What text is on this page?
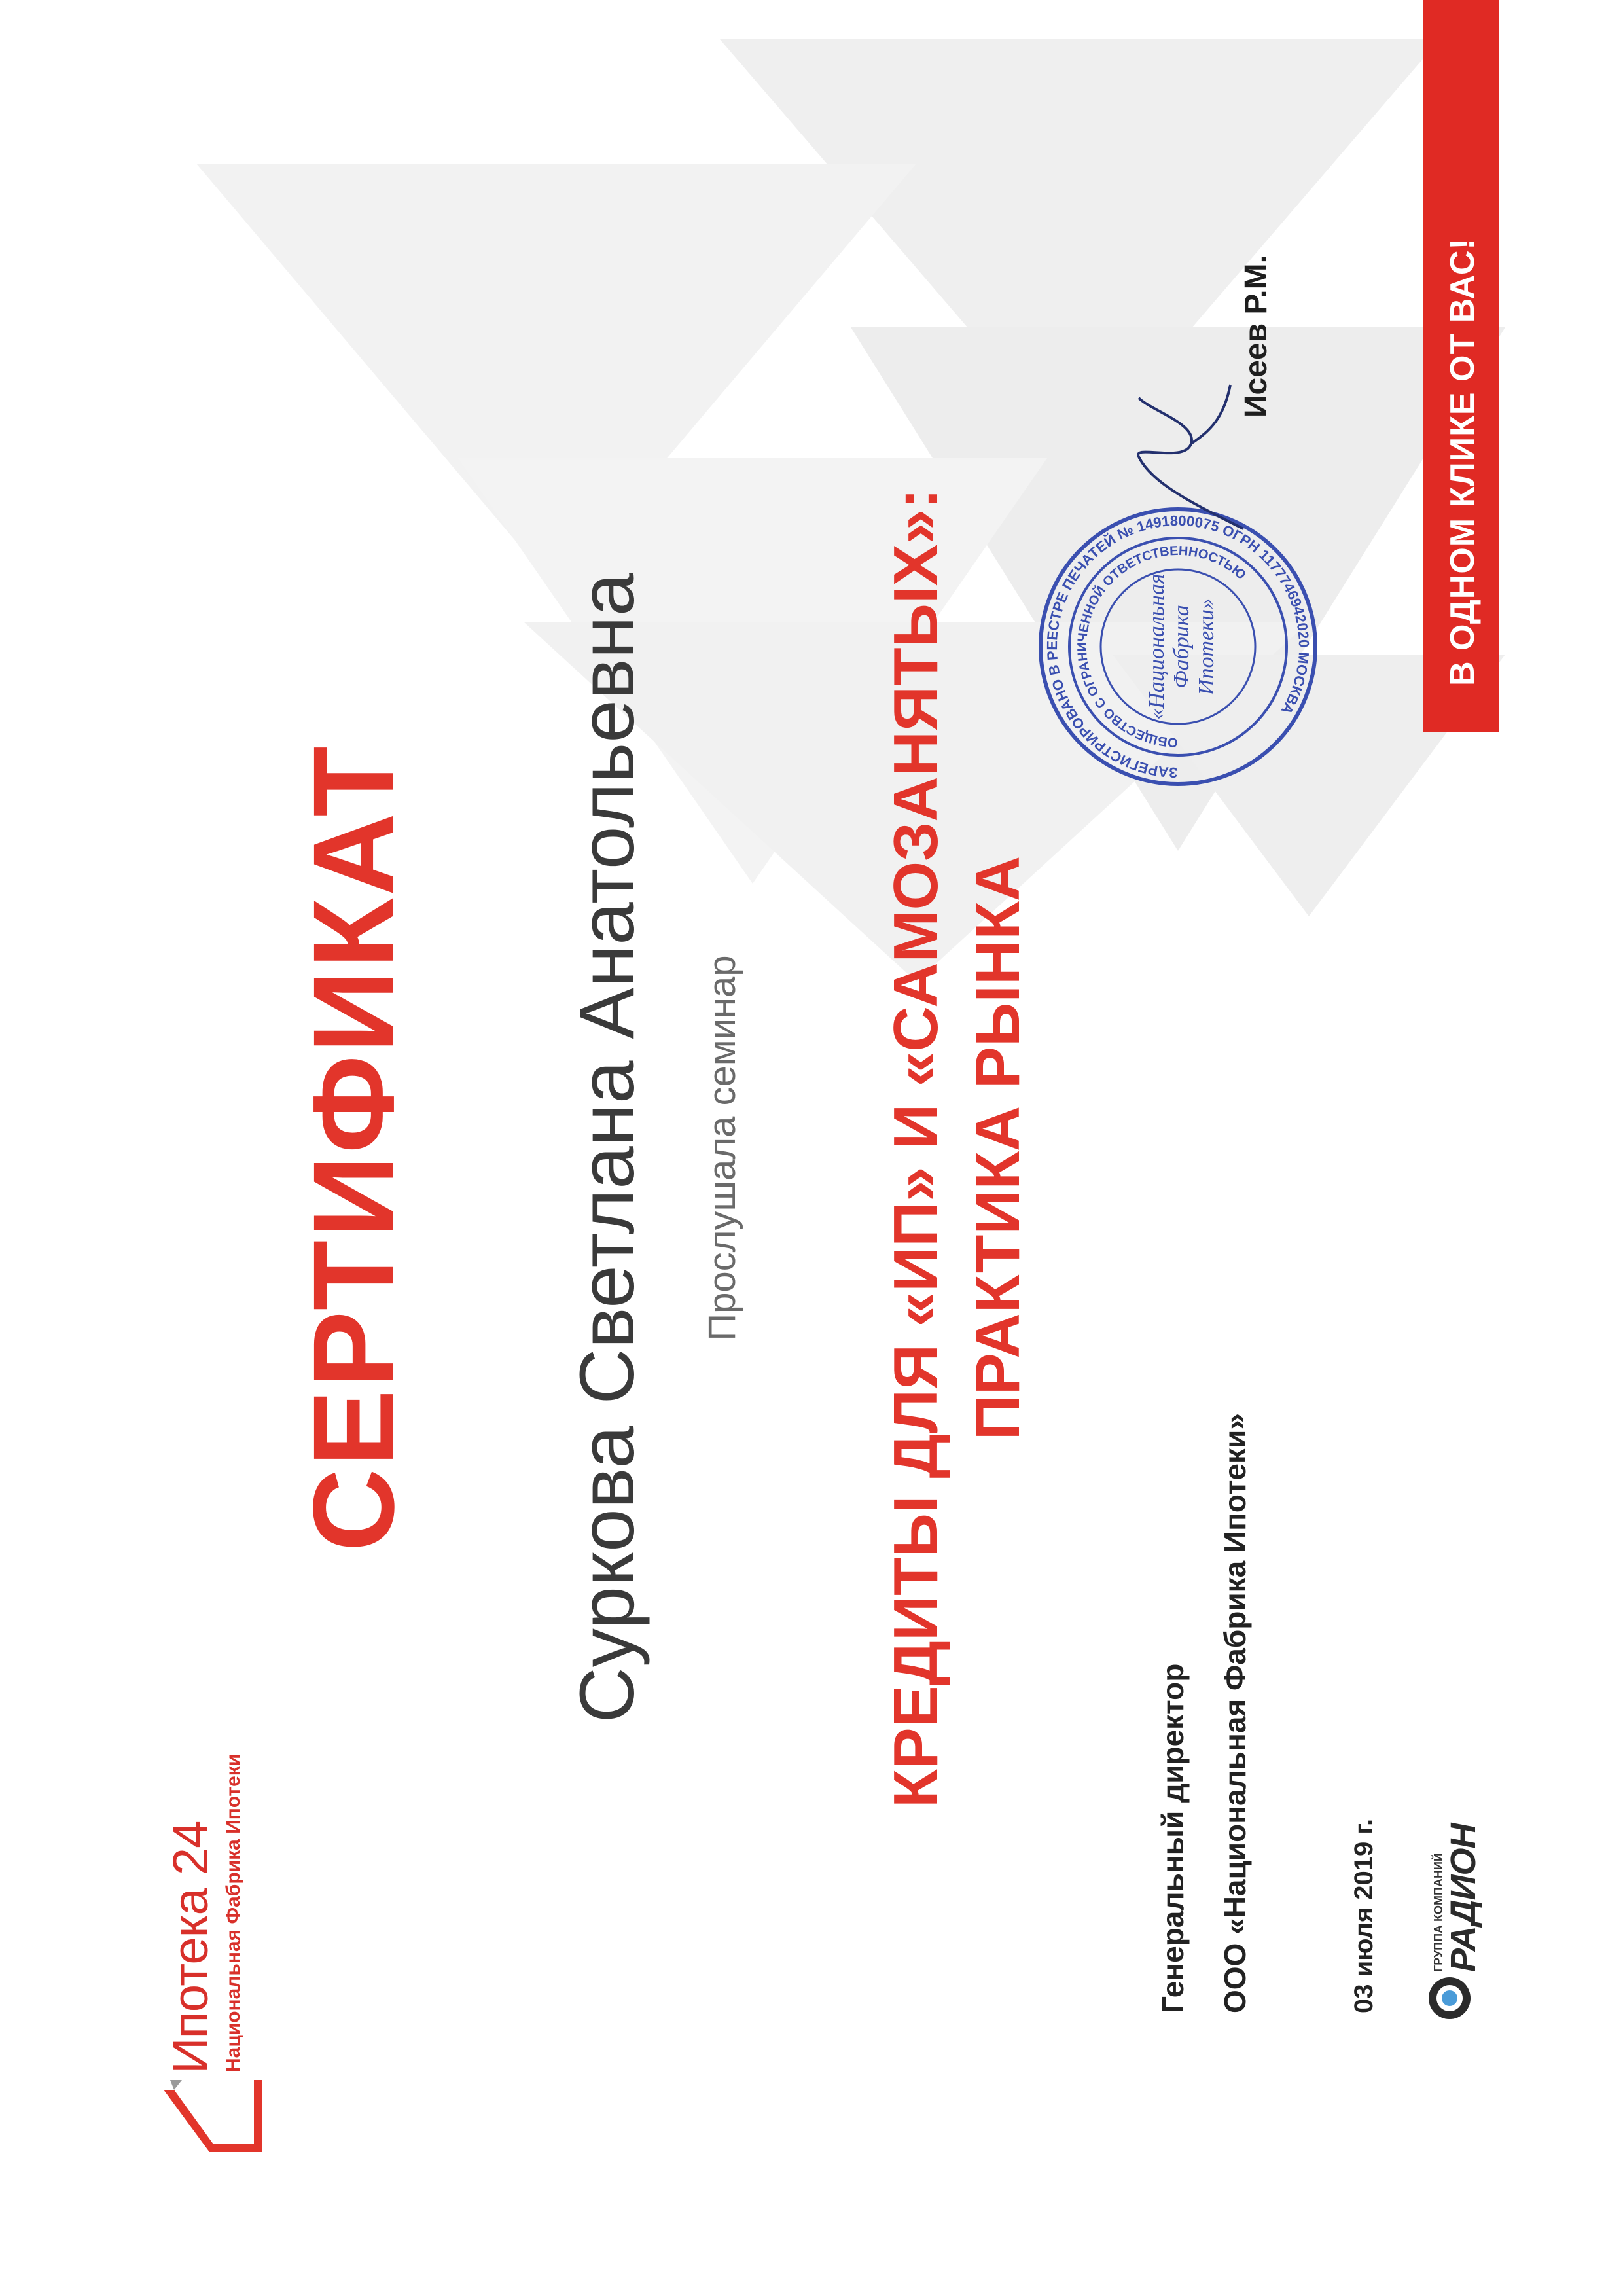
Ипотека 24 Национальная Фабрика Ипотеки
СЕРТИФИКАТ Суркова Светлана Анатольевна Прослушала семинар КРЕДИТЫ ДЛЯ «ИП» И «САМОЗАНЯТЫХ»: ПРАКТИКА РЫНКА
Генеральный директор ООО «Национальная Фабрика Ипотеки»	03 июля 2019 г.
Исеев Р.М.
ГРУППА КОМПАНИЙ
РАДИОН
ЗАРЕГИСТРИРОВАНО В РЕЕСТРЕ ПЕЧАТЕЙ № 1491800075 ОГРН 1177746942020 МОСКВА
ОБЩЕСТВО С ОГРАНИЧЕННОЙ ОТВЕТСТВЕННОСТЬЮ
«Национальная Фабрика Ипотеки»	В ОДНОМ КЛИКЕ ОТ ВАС!
